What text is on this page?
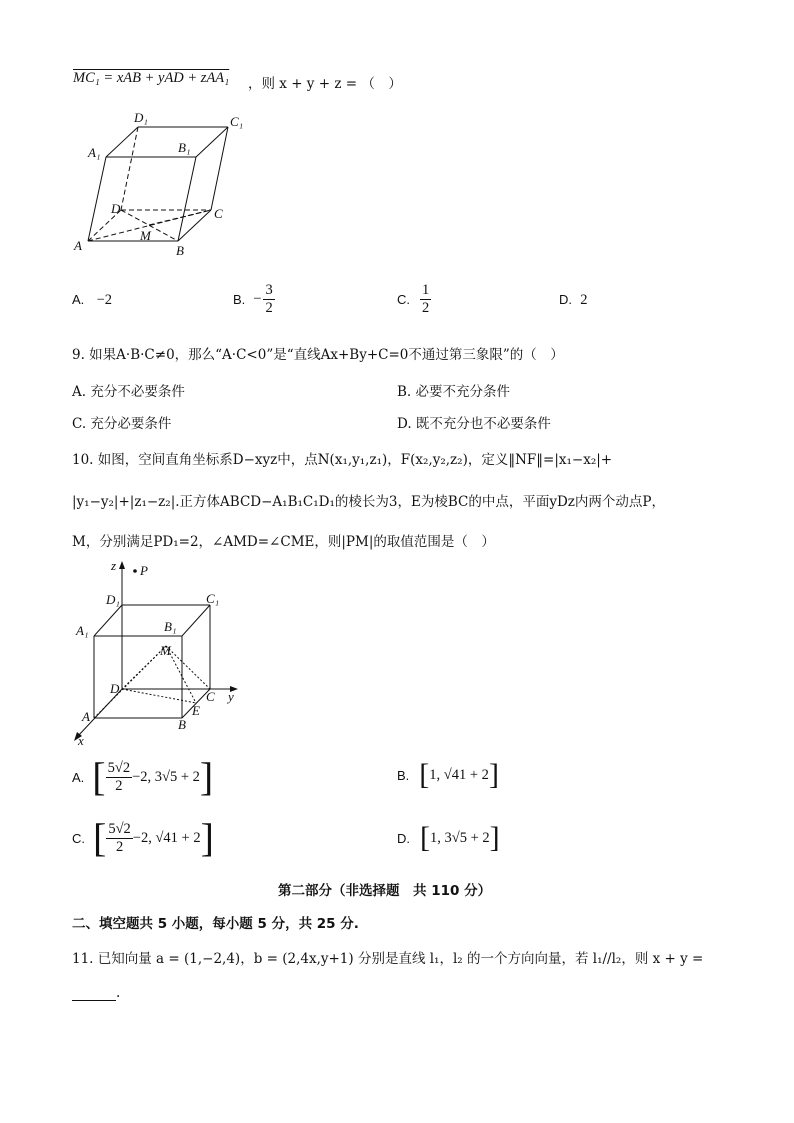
MC₁ = xAB + yAD + zAA₁ ，则 x + y + z = （　）
D₁	C₁
A₁	B₁
D	C
A
M
B
A. −2	B. − $\frac{3}{2}$	C. $\frac{1}{2}$	D. 2
9. 如果A·B·C≠0，那么“A·C<0”是“直线Ax+By+C=0不通过第三象限”的（　）
A. 充分不必要条件	B. 必要不充分条件
C. 充分必要条件	D. 既不充分也不必要条件
10. 如图，空间直角坐标系D−xyz中，点N(x₁,y₁,z₁)，F(x₂,y₂,z₂)，定义‖NF‖=|x₁−x₂|+
|y₁−y₂|+|z₁−z₂|.正方体ABCD−A₁B₁C₁D₁的棱长为3，E为棱BC的中点，平面yDz内两个动点P，
M，分别满足PD₁=2，∠AMD=∠CME，则|PM|的取值范围是（　）
z P
D₁	C₁
A₁	B₁
M
D
C y
E
A
B
x
A. [ $\frac{5√2}{2} -2$, 3√5 + 2 ]	B. [ 1, √41 + 2 ]
C. [ $\frac{5√2}{2} -2$, √41 + 2 ]	D. [ 1, 3√5 + 2 ]
第二部分（非选择题　共 110 分）
二、填空题共 5 小题，每小题 5 分，共 25 分.
11. 已知向量 a = (1,−2,4)，b = (2,4x,y+1) 分别是直线 l₁，l₂ 的一个方向向量，若 l₁//l₂，则 x + y =
.
